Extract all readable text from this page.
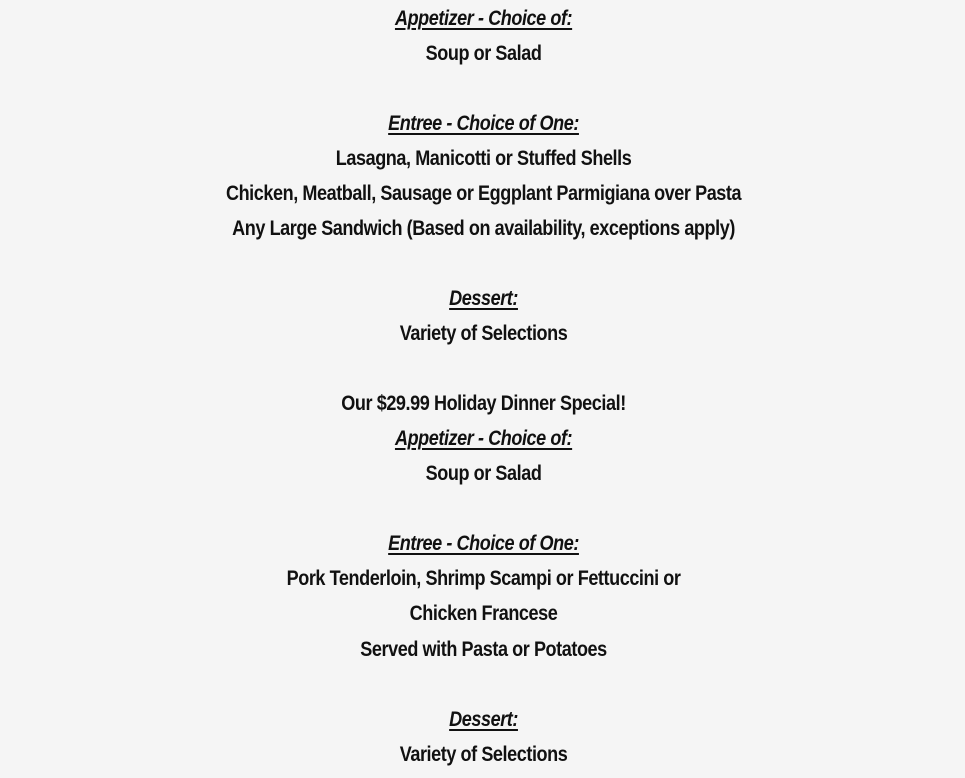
Appetizer - Choice of:
Soup or Salad
Entree - Choice of One:
Lasagna, Manicotti or Stuffed Shells
Chicken, Meatball, Sausage or Eggplant Parmigiana over Pasta
Any Large Sandwich (Based on availability, exceptions apply)
Dessert:
Variety of Selections
Our $29.99 Holiday Dinner Special!
Appetizer - Choice of:
Soup or Salad
Entree - Choice of One:
Pork Tenderloin, Shrimp Scampi or Fettuccini or
Chicken Francese
Served with Pasta or Potatoes
Dessert:
Variety of Selections
